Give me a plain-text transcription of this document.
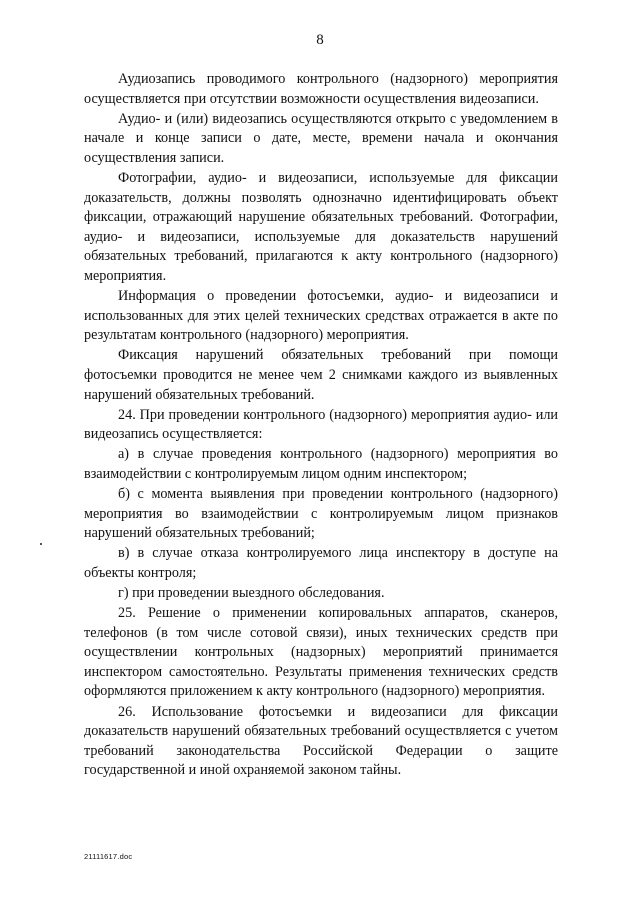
8

Аудиозапись проводимого контрольного (надзорного) мероприятия осуществляется при отсутствии возможности осуществления видеозаписи.

Аудио- и (или) видеозапись осуществляются открыто с уведомлением в начале и конце записи о дате, месте, времени начала и окончания осуществления записи.

Фотографии, аудио- и видеозаписи, используемые для фиксации доказательств, должны позволять однозначно идентифицировать объект фиксации, отражающий нарушение обязательных требований. Фотографии, аудио- и видеозаписи, используемые для доказательств нарушений обязательных требований, прилагаются к акту контрольного (надзорного) мероприятия.

Информация о проведении фотосъемки, аудио- и видеозаписи и использованных для этих целей технических средствах отражается в акте по результатам контрольного (надзорного) мероприятия.

Фиксация нарушений обязательных требований при помощи фотосъемки проводится не менее чем 2 снимками каждого из выявленных нарушений обязательных требований.

24. При проведении контрольного (надзорного) мероприятия аудио- или видеозапись осуществляется:

а) в случае проведения контрольного (надзорного) мероприятия во взаимодействии с контролируемым лицом одним инспектором;

б) с момента выявления при проведении контрольного (надзорного) мероприятия во взаимодействии с контролируемым лицом признаков нарушений обязательных требований;

в) в случае отказа контролируемого лица инспектору в доступе на объекты контроля;

г) при проведении выездного обследования.

25. Решение о применении копировальных аппаратов, сканеров, телефонов (в том числе сотовой связи), иных технических средств при осуществлении контрольных (надзорных) мероприятий принимается инспектором самостоятельно. Результаты применения технических средств оформляются приложением к акту контрольного (надзорного) мероприятия.

26. Использование фотосъемки и видеозаписи для фиксации доказательств нарушений обязательных требований осуществляется с учетом требований законодательства Российской Федерации о защите государственной и иной охраняемой законом тайны.

21111617.doc
